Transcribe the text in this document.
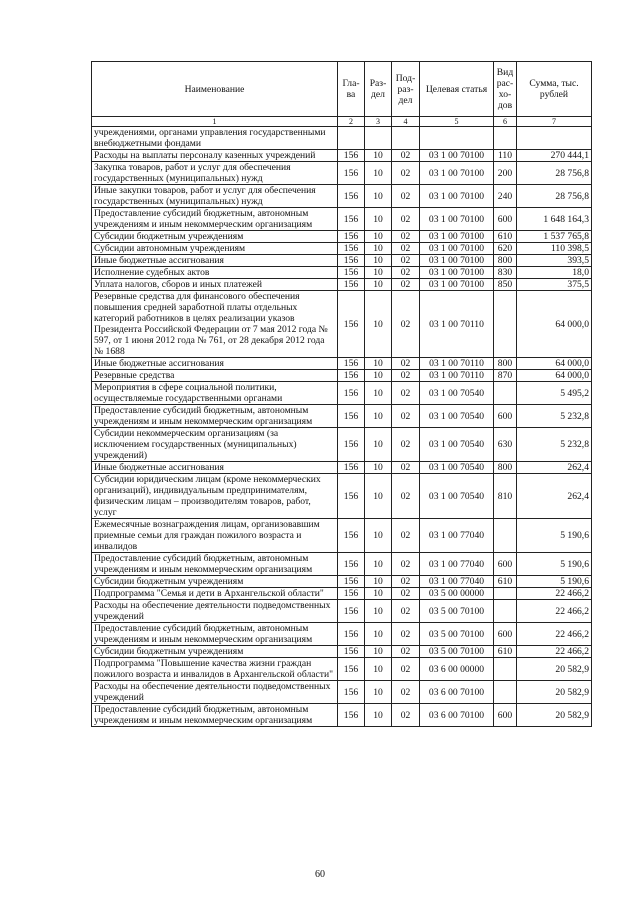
Наименование	Гла-ва	Раз-дел	Под-раз-дел	Целевая статья	Вид рас-хо-дов	Сумма, тыс. рублей
1	2	3	4	5	6	7
учреждениями, органами управления государственными внебюджетными фондами						
Расходы на выплаты персоналу казенных учреждений	156	10	02	03 1 00 70100	110	270 444,1
Закупка товаров, работ и услуг для обеспечения государственных (муниципальных) нужд	156	10	02	03 1 00 70100	200	28 756,8
Иные закупки товаров, работ и услуг для обеспечения государственных (муниципальных) нужд	156	10	02	03 1 00 70100	240	28 756,8
Предоставление субсидий бюджетным, автономным учреждениям и иным некоммерческим организациям	156	10	02	03 1 00 70100	600	1 648 164,3
Субсидии бюджетным учреждениям	156	10	02	03 1 00 70100	610	1 537 765,8
Субсидии автономным учреждениям	156	10	02	03 1 00 70100	620	110 398,5
Иные бюджетные ассигнования	156	10	02	03 1 00 70100	800	393,5
Исполнение судебных актов	156	10	02	03 1 00 70100	830	18,0
Уплата налогов, сборов и иных платежей	156	10	02	03 1 00 70100	850	375,5
Резервные средства для финансового обеспечения повышения средней заработной платы отдельных категорий работников в целях реализации указов Президента Российской Федерации от 7 мая 2012 года № 597, от 1 июня 2012 года № 761, от 28 декабря 2012 года № 1688	156	10	02	03 1 00 70110		64 000,0
Иные бюджетные ассигнования	156	10	02	03 1 00 70110	800	64 000,0
Резервные средства	156	10	02	03 1 00 70110	870	64 000,0
Мероприятия в сфере социальной политики, осуществляемые государственными органами	156	10	02	03 1 00 70540		5 495,2
Предоставление субсидий бюджетным, автономным учреждениям и иным некоммерческим организациям	156	10	02	03 1 00 70540	600	5 232,8
Субсидии некоммерческим организациям (за исключением государственных (муниципальных) учреждений)	156	10	02	03 1 00 70540	630	5 232,8
Иные бюджетные ассигнования	156	10	02	03 1 00 70540	800	262,4
Субсидии юридическим лицам (кроме некоммерческих организаций), индивидуальным предпринимателям, физическим лицам – производителям товаров, работ, услуг	156	10	02	03 1 00 70540	810	262,4
Ежемесячные вознаграждения лицам, организовавшим приемные семьи для граждан пожилого возраста и инвалидов	156	10	02	03 1 00 77040		5 190,6
Предоставление субсидий бюджетным, автономным учреждениям и иным некоммерческим организациям	156	10	02	03 1 00 77040	600	5 190,6
Субсидии бюджетным учреждениям	156	10	02	03 1 00 77040	610	5 190,6
Подпрограмма "Семья и дети в Архангельской области"	156	10	02	03 5 00 00000		22 466,2
Расходы на обеспечение деятельности подведомственных учреждений	156	10	02	03 5 00 70100		22 466,2
Предоставление субсидий бюджетным, автономным учреждениям и иным некоммерческим организациям	156	10	02	03 5 00 70100	600	22 466,2
Субсидии бюджетным учреждениям	156	10	02	03 5 00 70100	610	22 466,2
Подпрограмма "Повышение качества жизни граждан пожилого возраста и инвалидов в Архангельской области"	156	10	02	03 6 00 00000		20 582,9
Расходы на обеспечение деятельности подведомственных учреждений	156	10	02	03 6 00 70100		20 582,9
Предоставление субсидий бюджетным, автономным учреждениям и иным некоммерческим организациям	156	10	02	03 6 00 70100	600	20 582,9
60
